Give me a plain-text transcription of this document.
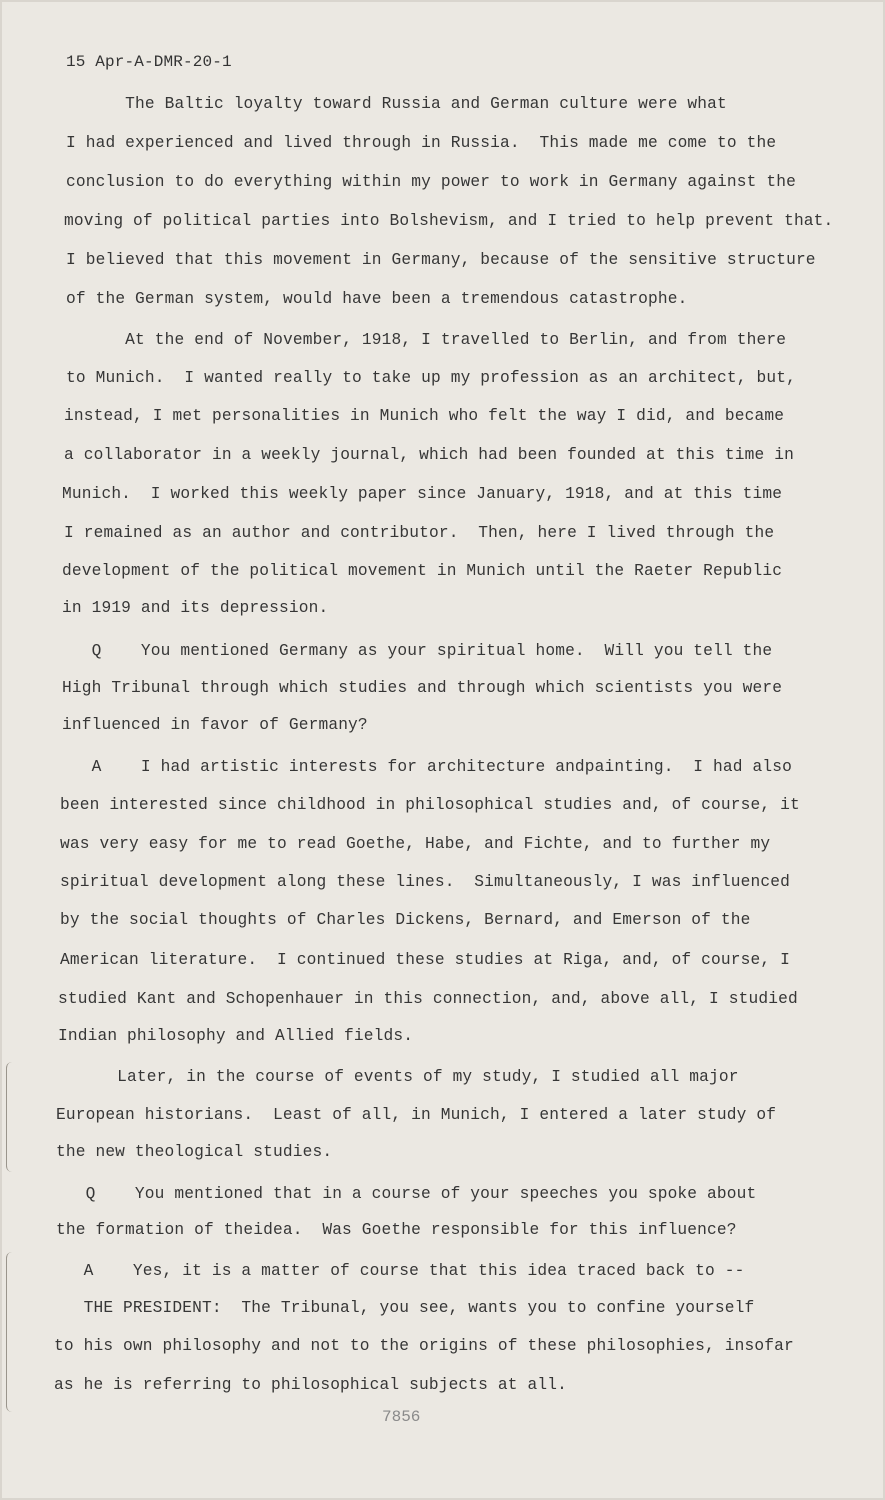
15 Apr-A-DMR-20-1
The Baltic loyalty toward Russia and German culture were what
I had experienced and lived through in Russia.  This made me come to the
conclusion to do everything within my power to work in Germany against the
moving of political parties into Bolshevism, and I tried to help prevent that.
I believed that this movement in Germany, because of the sensitive structure
of the German system, would have been a tremendous catastrophe.
At the end of November, 1918, I travelled to Berlin, and from there
to Munich.  I wanted really to take up my profession as an architect, but,
instead, I met personalities in Munich who felt the way I did, and became
a collaborator in a weekly journal, which had been founded at this time in
Munich.  I worked this weekly paper since January, 1918, and at this time
I remained as an author and contributor.  Then, here I lived through the
development of the political movement in Munich until the Raeter Republic
in 1919 and its depression.
Q    You mentioned Germany as your spiritual home.  Will you tell the
High Tribunal through which studies and through which scientists you were
influenced in favor of Germany?
A    I had artistic interests for architecture andpainting.  I had also
been interested since childhood in philosophical studies and, of course, it
was very easy for me to read Goethe, Habe, and Fichte, and to further my
spiritual development along these lines.  Simultaneously, I was influenced
by the social thoughts of Charles Dickens, Bernard, and Emerson of the
American literature.  I continued these studies at Riga, and, of course, I
studied Kant and Schopenhauer in this connection, and, above all, I studied
Indian philosophy and Allied fields.
Later, in the course of events of my study, I studied all major
European historians.  Least of all, in Munich, I entered a later study of
the new theological studies.
Q    You mentioned that in a course of your speeches you spoke about
the formation of theidea.  Was Goethe responsible for this influence?
A    Yes, it is a matter of course that this idea traced back to --
THE PRESIDENT:  The Tribunal, you see, wants you to confine yourself
to his own philosophy and not to the origins of these philosophies, insofar
as he is referring to philosophical subjects at all.
7856
